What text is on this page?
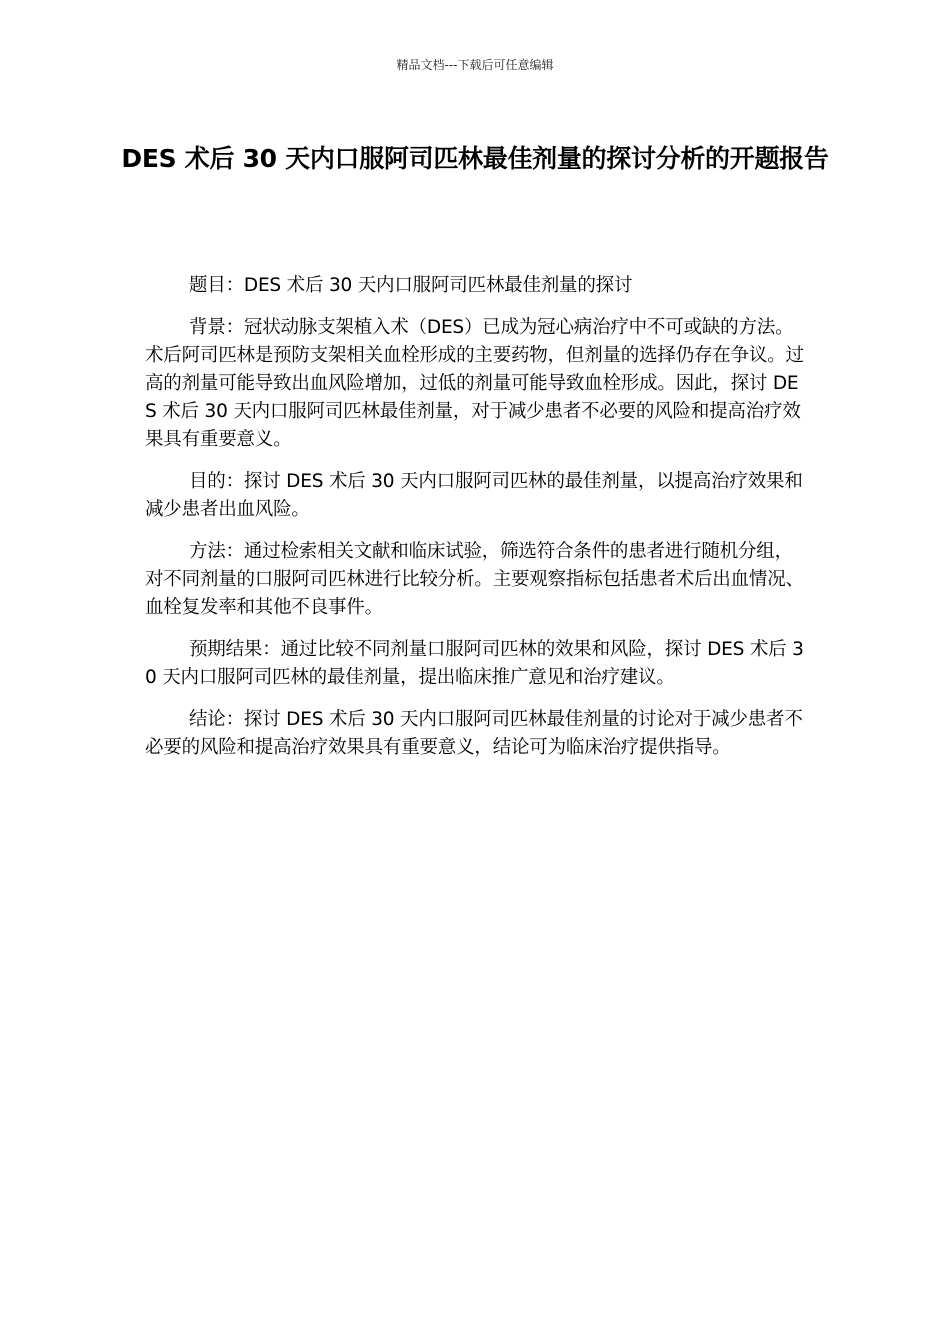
精品文档---下载后可任意编辑
DES 术后 30 天内口服阿司匹林最佳剂量的探讨分析的开题报告

题目：DES 术后 30 天内口服阿司匹林最佳剂量的探讨

背景：冠状动脉支架植入术（DES）已成为冠心病治疗中不可或缺的方法。术后阿司匹林是预防支架相关血栓形成的主要药物，但剂量的选择仍存在争议。过高的剂量可能导致出血风险增加，过低的剂量可能导致血栓形成。因此，探讨 DES 术后 30 天内口服阿司匹林最佳剂量，对于减少患者不必要的风险和提高治疗效果具有重要意义。

目的：探讨 DES 术后 30 天内口服阿司匹林的最佳剂量，以提高治疗效果和减少患者出血风险。

方法：通过检索相关文献和临床试验，筛选符合条件的患者进行随机分组，对不同剂量的口服阿司匹林进行比较分析。主要观察指标包括患者术后出血情况、血栓复发率和其他不良事件。

预期结果：通过比较不同剂量口服阿司匹林的效果和风险，探讨 DES 术后 30 天内口服阿司匹林的最佳剂量，提出临床推广意见和治疗建议。

结论：探讨 DES 术后 30 天内口服阿司匹林最佳剂量的讨论对于减少患者不必要的风险和提高治疗效果具有重要意义，结论可为临床治疗提供指导。
